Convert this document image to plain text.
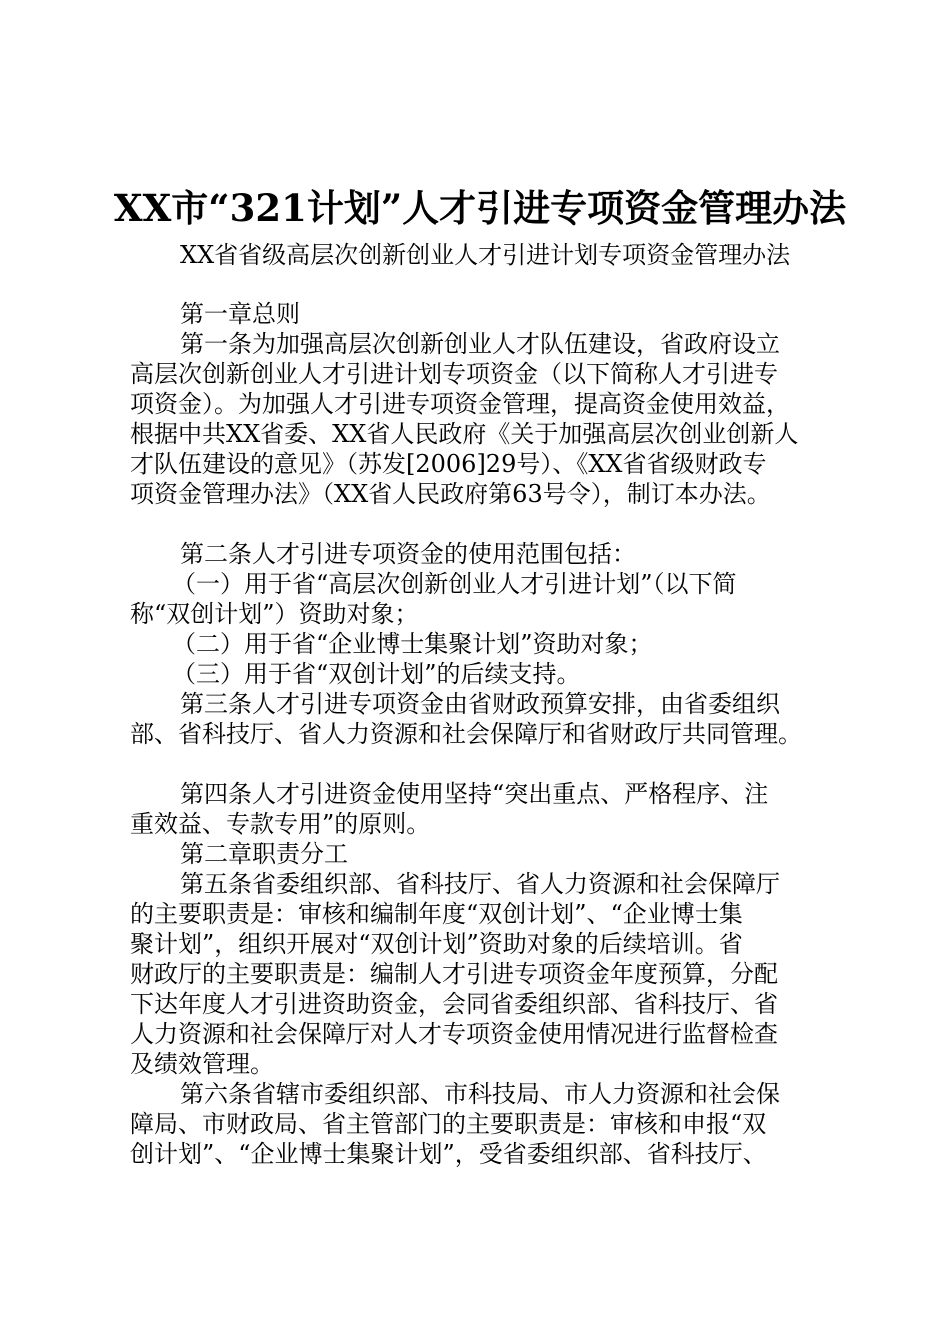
XX市“321计划”人才引进专项资金管理办法

XX省省级高层次创新创业人才引进计划专项资金管理办法

第一章总则

第一条为加强高层次创新创业人才队伍建设，省政府设立

高层次创新创业人才引进计划专项资金（以下简称人才引进专

项资金）。为加强人才引进专项资金管理，提高资金使用效益，

根据中共XX省委、XX省人民政府《关于加强高层次创业创新人

才队伍建设的意见》（苏发[2006]29号）、《XX省省级财政专

项资金管理办法》（XX省人民政府第63号令），制订本办法。

第二条人才引进专项资金的使用范围包括：

（一）用于省“高层次创新创业人才引进计划”（以下简

称“双创计划”）资助对象；

（二）用于省“企业博士集聚计划”资助对象；

（三）用于省“双创计划”的后续支持。

第三条人才引进专项资金由省财政预算安排，由省委组织

部、省科技厅、省人力资源和社会保障厅和省财政厅共同管理。

第四条人才引进资金使用坚持“突出重点、严格程序、注

重效益、专款专用”的原则。

第二章职责分工

第五条省委组织部、省科技厅、省人力资源和社会保障厅

的主要职责是：审核和编制年度“双创计划”、“企业博士集

聚计划”，组织开展对“双创计划”资助对象的后续培训。省

财政厅的主要职责是：编制人才引进专项资金年度预算，分配

下达年度人才引进资助资金，会同省委组织部、省科技厅、省

人力资源和社会保障厅对人才专项资金使用情况进行监督检查

及绩效管理。

第六条省辖市委组织部、市科技局、市人力资源和社会保

障局、市财政局、省主管部门的主要职责是：审核和申报“双

创计划”、“企业博士集聚计划”，受省委组织部、省科技厅、
